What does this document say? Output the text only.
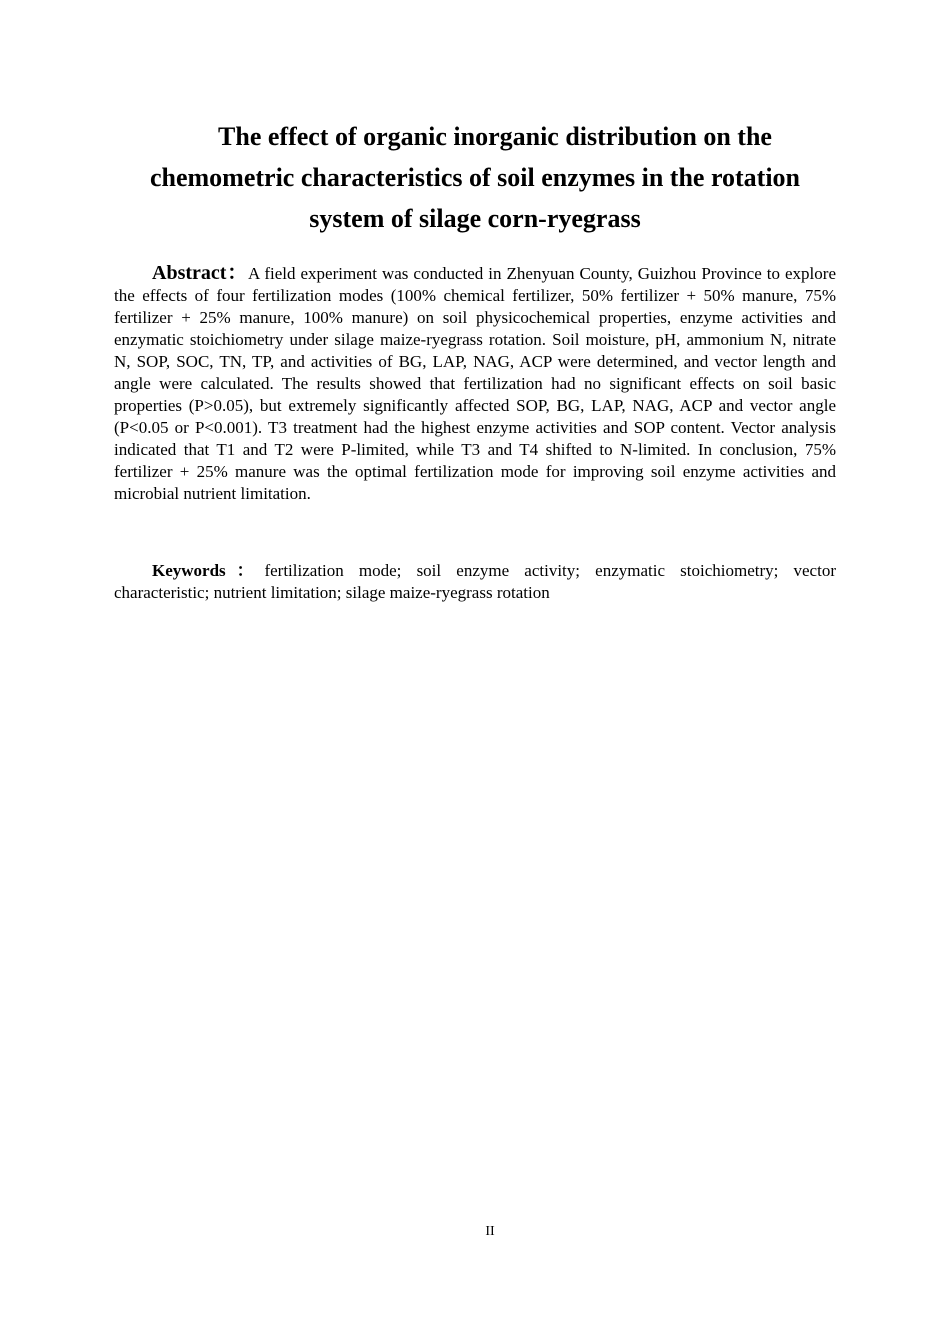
The effect of organic inorganic distribution on the chemometric characteristics of soil enzymes in the rotation system of silage corn-ryegrass

Abstract：A field experiment was conducted in Zhenyuan County, Guizhou Province to explore the effects of four fertilization modes (100% chemical fertilizer, 50% fertilizer + 50% manure, 75% fertilizer + 25% manure, 100% manure) on soil physicochemical properties, enzyme activities and enzymatic stoichiometry under silage maize-ryegrass rotation. Soil moisture, pH, ammonium N, nitrate N, SOP, SOC, TN, TP, and activities of BG, LAP, NAG, ACP were determined, and vector length and angle were calculated. The results showed that fertilization had no significant effects on soil basic properties (P>0.05), but extremely significantly affected SOP, BG, LAP, NAG, ACP and vector angle (P<0.05 or P<0.001). T3 treatment had the highest enzyme activities and SOP content. Vector analysis indicated that T1 and T2 were P-limited, while T3 and T4 shifted to N-limited. In conclusion, 75% fertilizer + 25% manure was the optimal fertilization mode for improving soil enzyme activities and microbial nutrient limitation.

Keywords：fertilization mode; soil enzyme activity; enzymatic stoichiometry; vector characteristic; nutrient limitation; silage maize-ryegrass rotation

II
